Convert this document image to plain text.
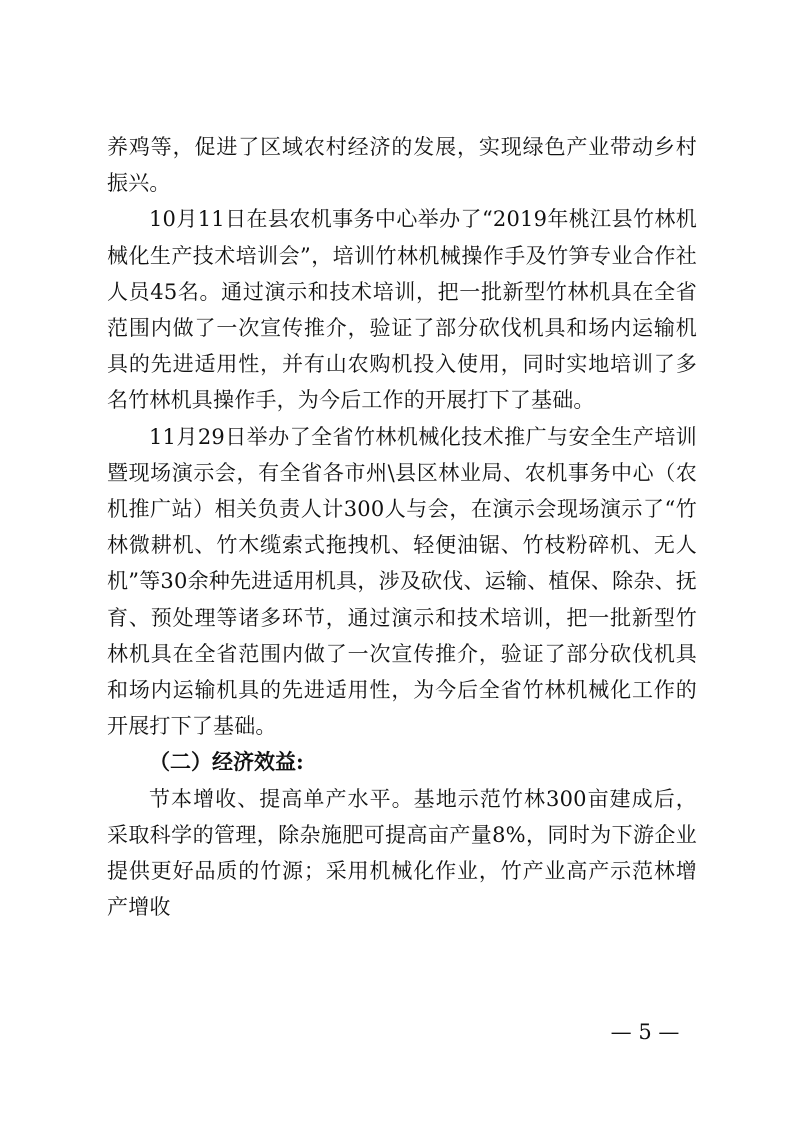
养鸡等，促进了区域农村经济的发展，实现绿色产业带动乡村振兴。

10月11日在县农机事务中心举办了“2019年桃江县竹林机械化生产技术培训会”，培训竹林机械操作手及竹笋专业合作社人员45名。通过演示和技术培训，把一批新型竹林机具在全省范围内做了一次宣传推介，验证了部分砍伐机具和场内运输机具的先进适用性，并有山农购机投入使用，同时实地培训了多名竹林机具操作手，为今后工作的开展打下了基础。

11月29日举办了全省竹林机械化技术推广与安全生产培训暨现场演示会，有全省各市州\县区林业局、农机事务中心（农机推广站）相关负责人计300人与会，在演示会现场演示了“竹林微耕机、竹木缆索式拖拽机、轻便油锯、竹枝粉碎机、无人机”等30余种先进适用机具，涉及砍伐、运输、植保、除杂、抚育、预处理等诸多环节，通过演示和技术培训，把一批新型竹林机具在全省范围内做了一次宣传推介，验证了部分砍伐机具和场内运输机具的先进适用性，为今后全省竹林机械化工作的开展打下了基础。

（二）经济效益:

节本增收、提高单产水平。基地示范竹林300亩建成后，采取科学的管理，除杂施肥可提高亩产量8%，同时为下游企业提供更好品质的竹源；采用机械化作业，竹产业高产示范林增产增收

— 5 —
